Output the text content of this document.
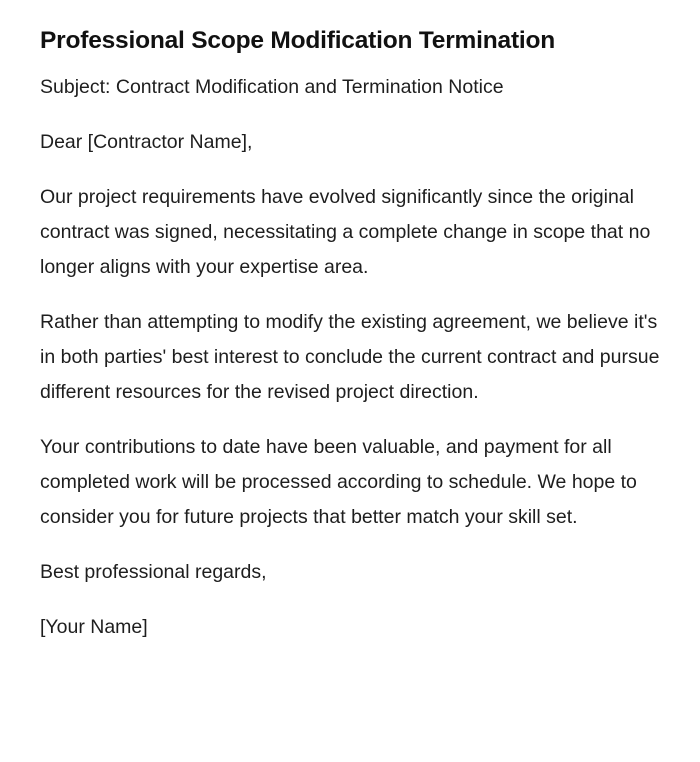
Professional Scope Modification Termination

Subject: Contract Modification and Termination Notice

Dear [Contractor Name],

Our project requirements have evolved significantly since the original contract was signed, necessitating a complete change in scope that no longer aligns with your expertise area.

Rather than attempting to modify the existing agreement, we believe it's in both parties' best interest to conclude the current contract and pursue different resources for the revised project direction.

Your contributions to date have been valuable, and payment for all completed work will be processed according to schedule. We hope to consider you for future projects that better match your skill set.

Best professional regards,

[Your Name]
